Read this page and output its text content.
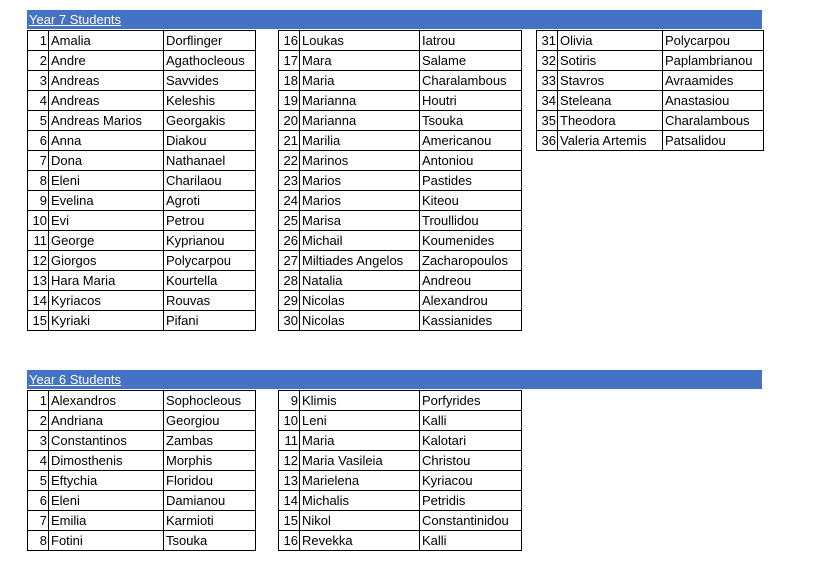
Year 7 Students
Year 6 Students
1	Amalia	Dorflinger
2	Andre	Agathocleous
3	Andreas	Savvides
4	Andreas	Keleshis
5	Andreas Marios	Georgakis
6	Anna	Diakou
7	Dona	Nathanael
8	Eleni	Charilaou
9	Evelina	Agroti
10	Evi	Petrou
11	George	Kyprianou
12	Giorgos	Polycarpou
13	Hara Maria	Kourtella
14	Kyriacos	Rouvas
15	Kyriaki	Pifani
16	Loukas	Iatrou
17	Mara	Salame
18	Maria	Charalambous
19	Marianna	Houtri
20	Marianna	Tsouka
21	Marilia	Americanou
22	Marinos	Antoniou
23	Marios	Pastides
24	Marios	Kiteou
25	Marisa	Troullidou
26	Michail	Koumenides
27	Miltiades Angelos	Zacharopoulos
28	Natalia	Andreou
29	Nicolas	Alexandrou
30	Nicolas	Kassianides
31	Olivia	Polycarpou
32	Sotiris	Paplambrianou
33	Stavros	Avraamides
34	Steleana	Anastasiou
35	Theodora	Charalambous
36	Valeria Artemis	Patsalidou
1	Alexandros	Sophocleous
2	Andriana	Georgiou
3	Constantinos	Zambas
4	Dimosthenis	Morphis
5	Eftychia	Floridou
6	Eleni	Damianou
7	Emilia	Karmioti
8	Fotini	Tsouka
9	Klimis	Porfyrides
10	Leni	Kalli
11	Maria	Kalotari
12	Maria Vasileia	Christou
13	Marielena	Kyriacou
14	Michalis	Petridis
15	Nikol	Constantinidou
16	Revekka	Kalli
